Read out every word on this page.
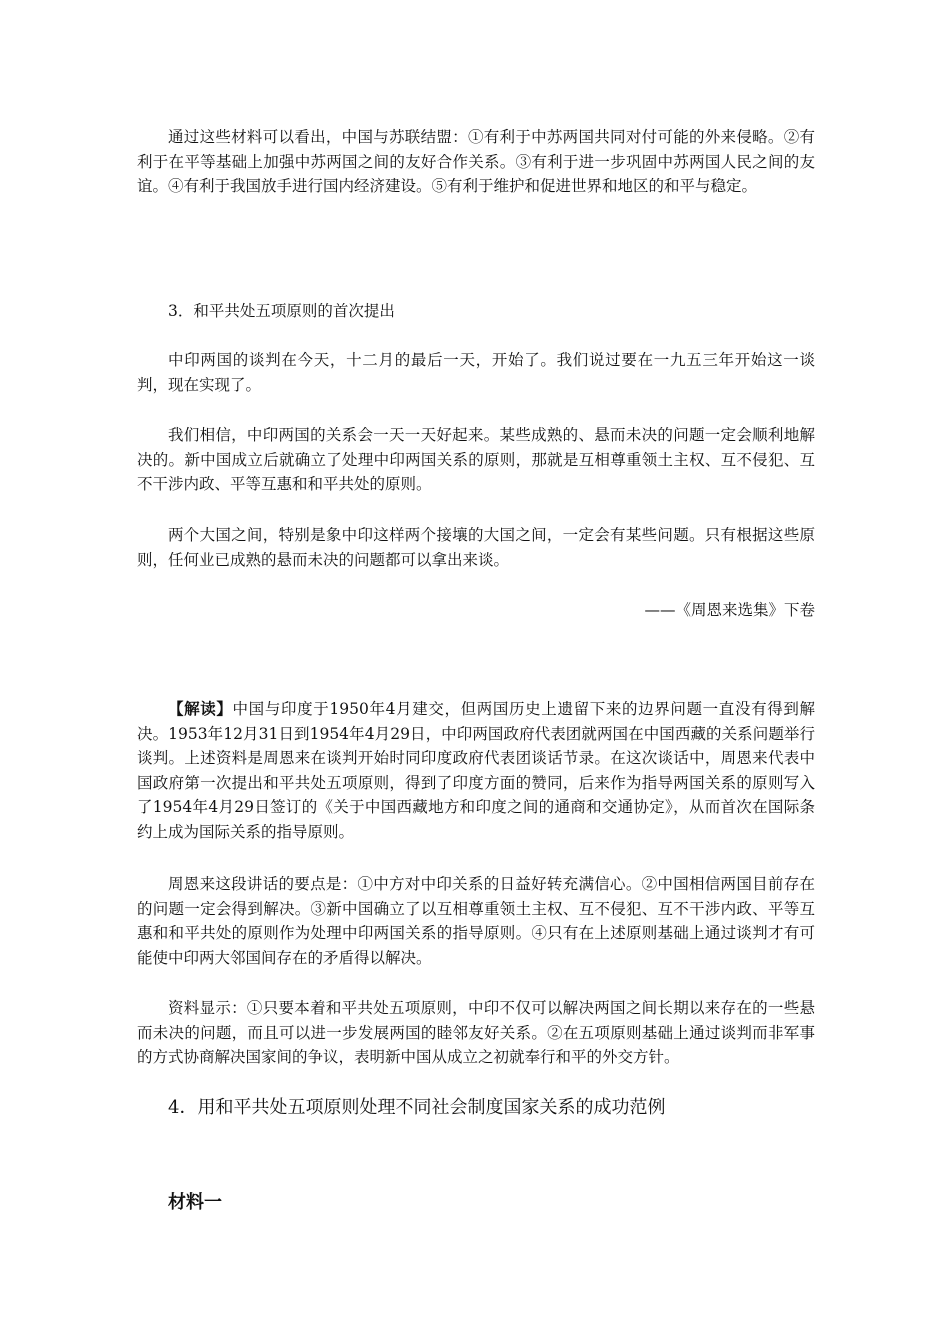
通过这些材料可以看出，中国与苏联结盟：①有利于中苏两国共同对付可能的外来侵略。②有利于在平等基础上加强中苏两国之间的友好合作关系。③有利于进一步巩固中苏两国人民之间的友谊。④有利于我国放手进行国内经济建设。⑤有利于维护和促进世界和地区的和平与稳定。

3．和平共处五项原则的首次提出

中印两国的谈判在今天，十二月的最后一天，开始了。我们说过要在一九五三年开始这一谈判，现在实现了。

我们相信，中印两国的关系会一天一天好起来。某些成熟的、悬而未决的问题一定会顺利地解决的。新中国成立后就确立了处理中印两国关系的原则，那就是互相尊重领土主权、互不侵犯、互不干涉内政、平等互惠和和平共处的原则。

两个大国之间，特别是象中印这样两个接壤的大国之间，一定会有某些问题。只有根据这些原则，任何业已成熟的悬而未决的问题都可以拿出来谈。

——《周恩来选集》下卷

【解读】中国与印度于1950年4月建交，但两国历史上遗留下来的边界问题一直没有得到解决。1953年12月31日到1954年4月29日，中印两国政府代表团就两国在中国西藏的关系问题举行谈判。上述资料是周恩来在谈判开始时同印度政府代表团谈话节录。在这次谈话中，周恩来代表中国政府第一次提出和平共处五项原则，得到了印度方面的赞同，后来作为指导两国关系的原则写入了1954年4月29日签订的《关于中国西藏地方和印度之间的通商和交通协定》，从而首次在国际条约上成为国际关系的指导原则。

周恩来这段讲话的要点是：①中方对中印关系的日益好转充满信心。②中国相信两国目前存在的问题一定会得到解决。③新中国确立了以互相尊重领土主权、互不侵犯、互不干涉内政、平等互惠和和平共处的原则作为处理中印两国关系的指导原则。④只有在上述原则基础上通过谈判才有可能使中印两大邻国间存在的矛盾得以解决。

资料显示：①只要本着和平共处五项原则，中印不仅可以解决两国之间长期以来存在的一些悬而未决的问题，而且可以进一步发展两国的睦邻友好关系。②在五项原则基础上通过谈判而非军事的方式协商解决国家间的争议，表明新中国从成立之初就奉行和平的外交方针。

4．用和平共处五项原则处理不同社会制度国家关系的成功范例

材料一
